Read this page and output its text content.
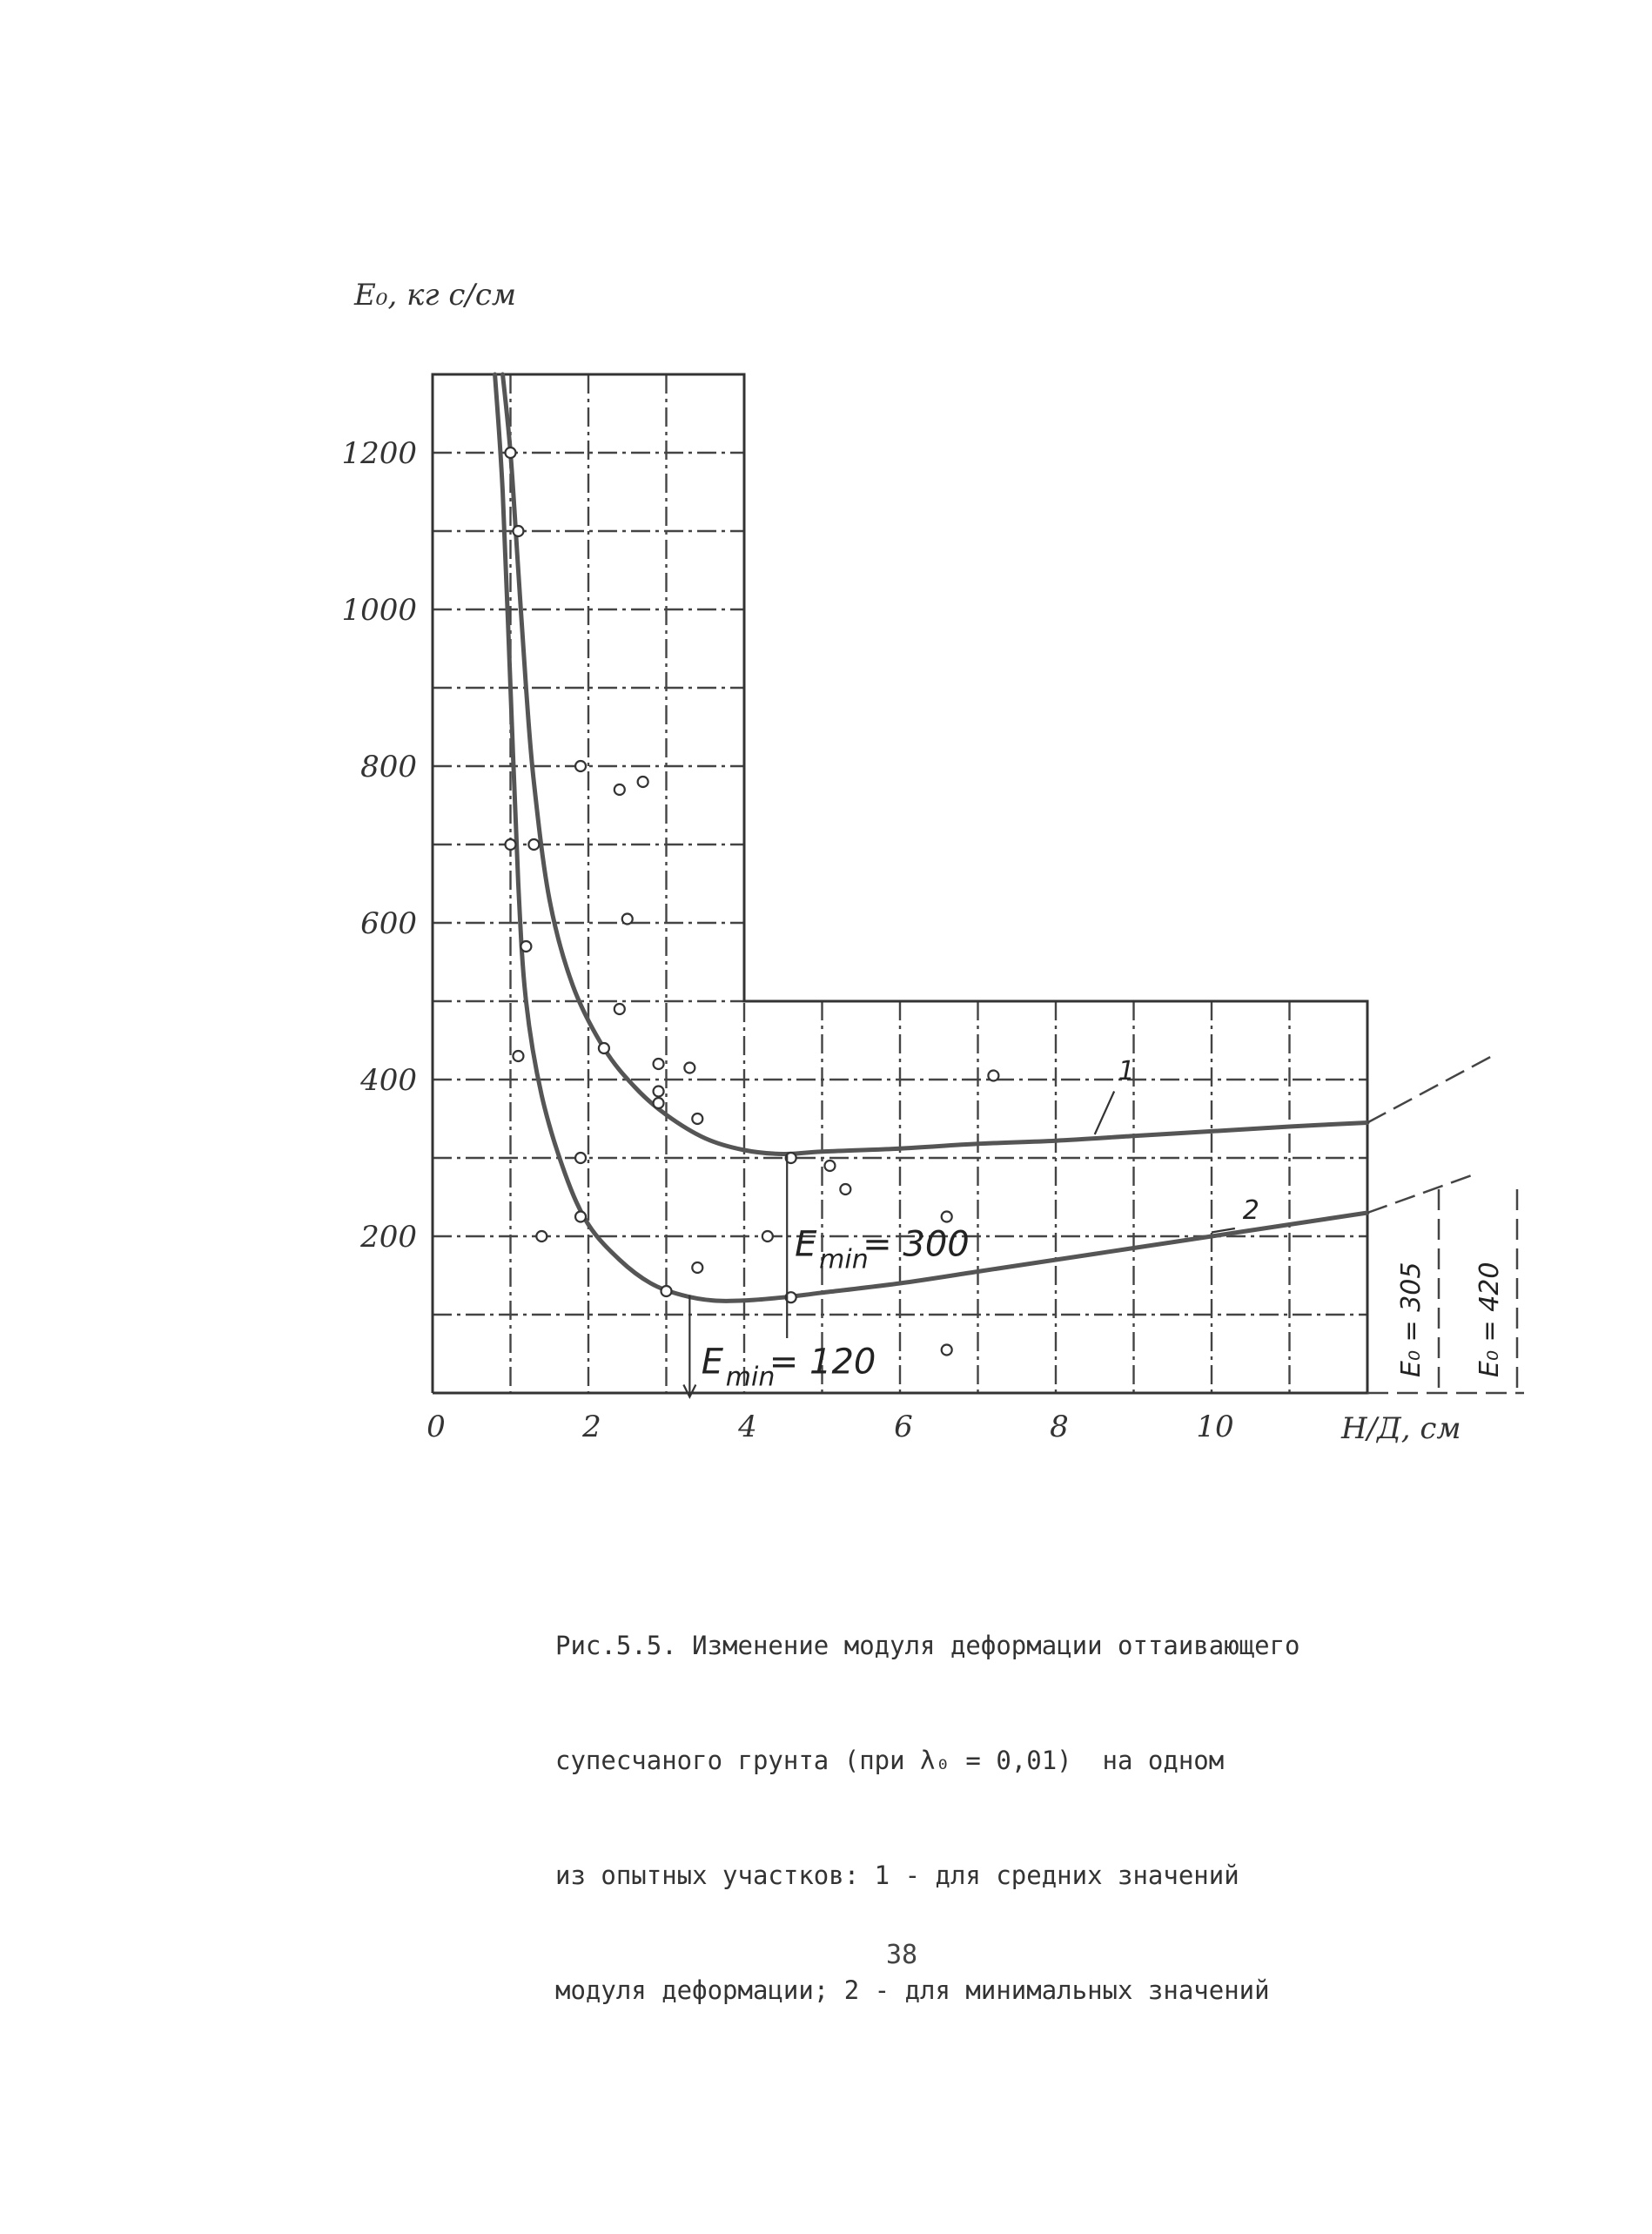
0	2	4	6	8	10
200
400
600
800
1000
1200
E₀, кг с/см
H/Д, см
1
2
E min
= 300
E min
= 120	E₀ = 305 E₀ = 420

Рис.5.5. Изменение модуля деформации оттаивающего

супесчаного грунта (при λ₀ = 0,01)  на одном

из опытных участков: 1 - для средних значений

модуля деформации; 2 - для минимальных значений

38
